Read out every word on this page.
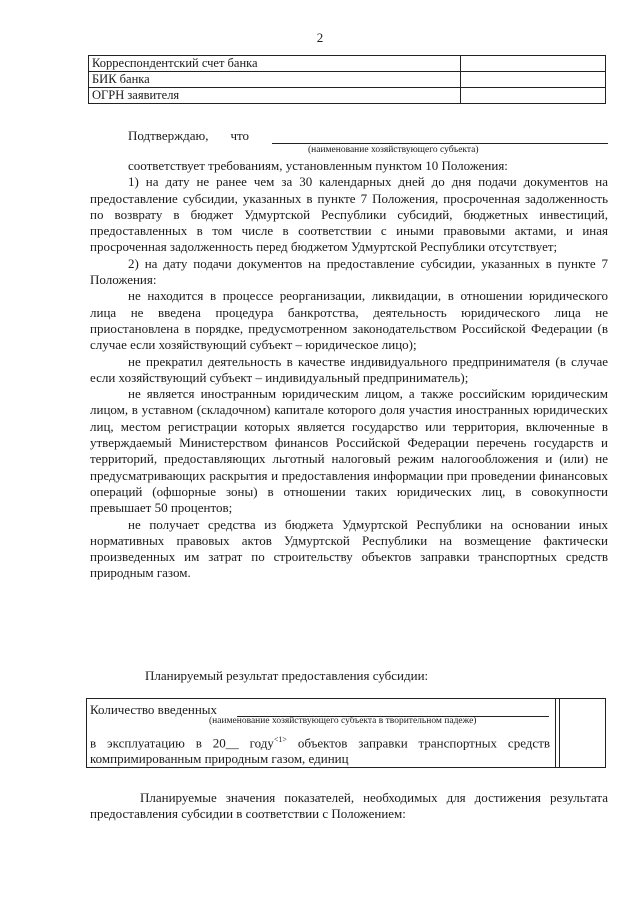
2
Корреспондентский счет банка	
БИК банка	
ОГРН заявителя	
Подтверждаю, что
(наименование хозяйствующего субъекта)

соответствует требованиям, установленным пунктом 10 Положения:

1) на дату не ранее чем за 30 календарных дней до дня подачи документов на предоставление субсидии, указанных в пункте 7 Положения, просроченная задолженность по возврату в бюджет Удмуртской Республики субсидий, бюджетных инвестиций, предоставленных в том числе в соответствии с иными правовыми актами, и иная просроченная задолженность перед бюджетом Удмуртской Республики отсутствует;

2) на дату подачи документов на предоставление субсидии, указанных в пункте 7 Положения:

не находится в процессе реорганизации, ликвидации, в отношении юридического лица не введена процедура банкротства, деятельность юридического лица не приостановлена в порядке, предусмотренном законодательством Российской Федерации (в случае если хозяйствующий субъект – юридическое лицо);

не прекратил деятельность в качестве индивидуального предпринимателя (в случае если хозяйствующий субъект – индивидуальный предприниматель);

не является иностранным юридическим лицом, а также российским юридическим лицом, в уставном (складочном) капитале которого доля участия иностранных юридических лиц, местом регистрации которых является государство или территория, включенные в утверждаемый Министерством финансов Российской Федерации перечень государств и территорий, предоставляющих льготный налоговый режим налогообложения и (или) не предусматривающих раскрытия и предоставления информации при проведении финансовых операций (офшорные зоны) в отношении таких юридических лиц, в совокупности превышает 50 процентов;

не получает средства из бюджета Удмуртской Республики на основании иных нормативных правовых актов Удмуртской Республики на возмещение фактически произведенных им затрат по строительству объектов заправки транспортных средств природным газом.

Планируемый результат предоставления субсидии:
Количество введенных
(наименование хозяйствующего субъекта в творительном падеже)
в эксплуатацию в 20__ году$^{<1>}$ объектов заправки транспортных средств компримированным природным газом, единиц
Планируемые значения показателей, необходимых для достижения результата предоставления субсидии в соответствии с Положением:
